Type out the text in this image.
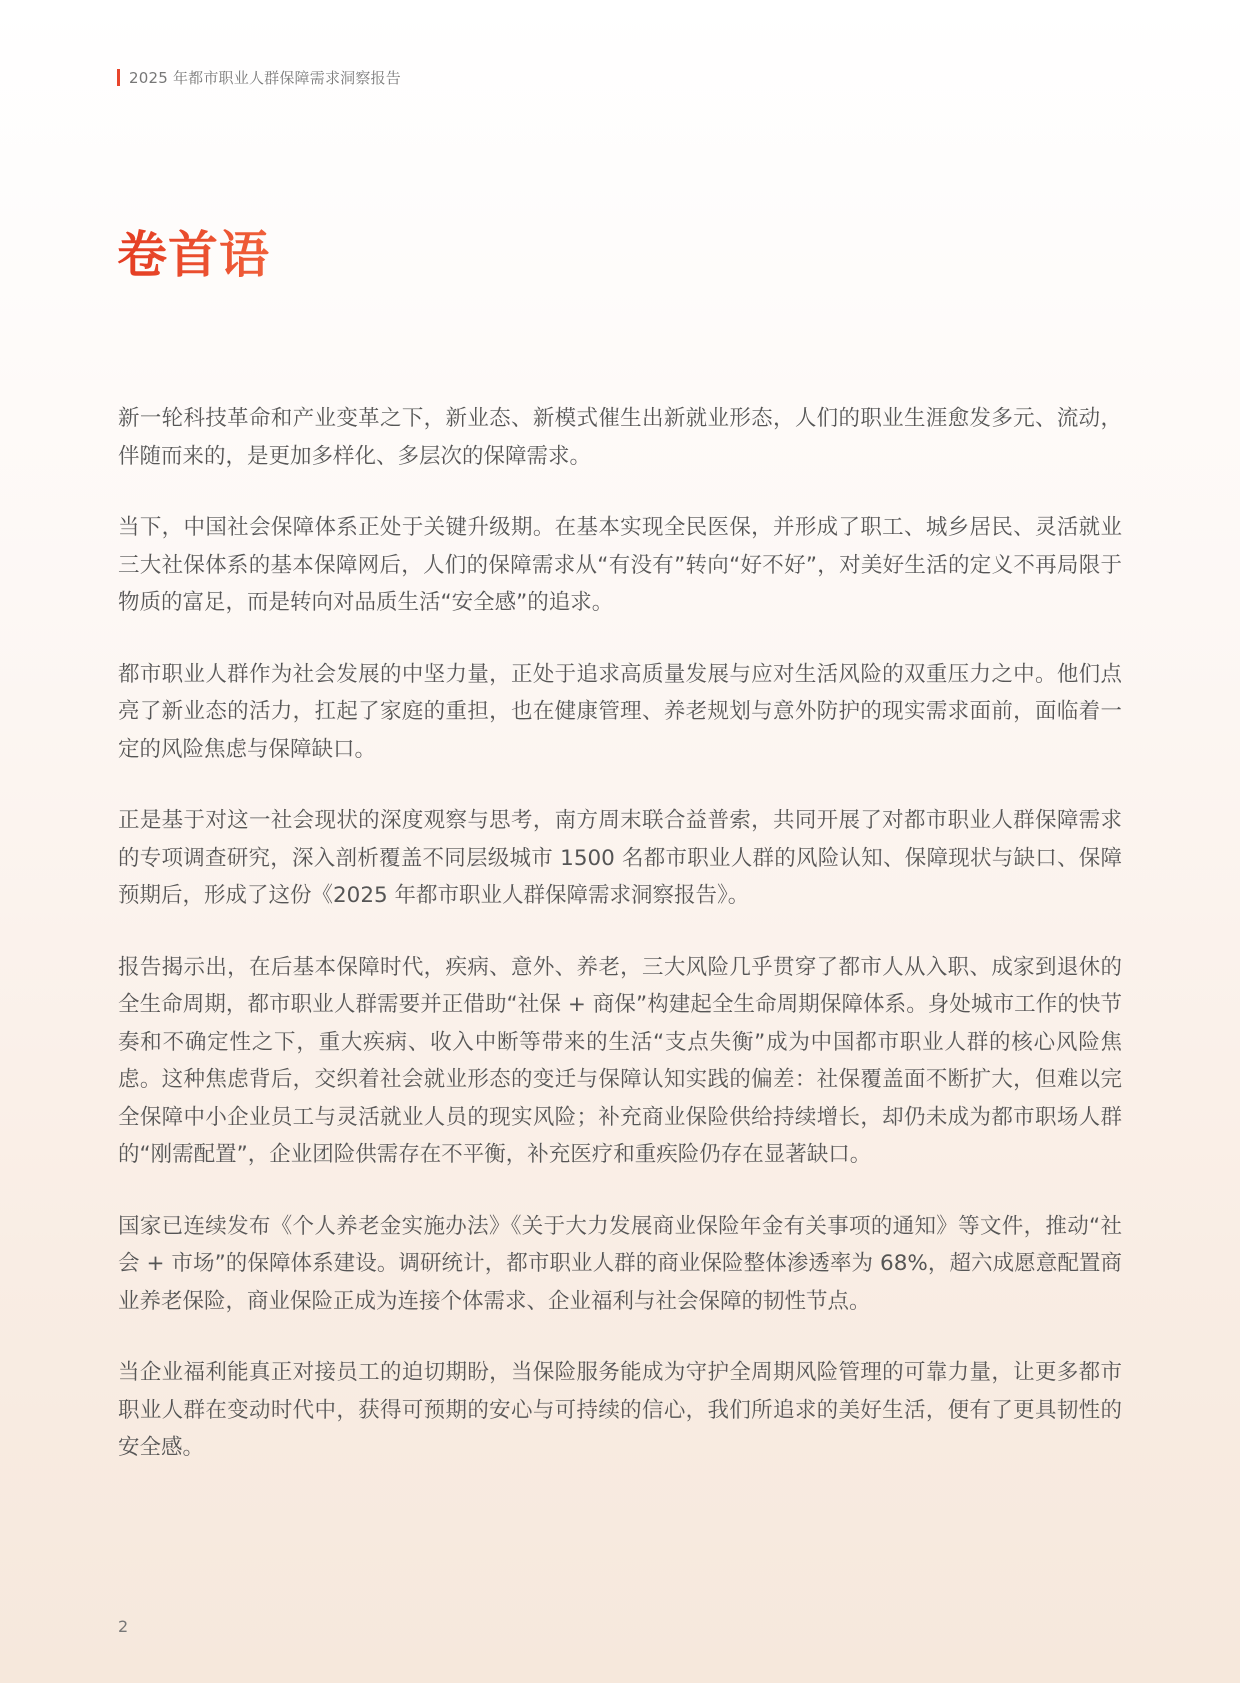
2025 年都市职业人群保障需求洞察报告
卷首语

新一轮科技革命和产业变革之下，新业态、新模式催生出新就业形态，人们的职业生涯愈发多元、流动，伴随而来的，是更加多样化、多层次的保障需求。

当下，中国社会保障体系正处于关键升级期。在基本实现全民医保，并形成了职工、城乡居民、灵活就业三大社保体系的基本保障网后，人们的保障需求从“有没有”转向“好不好”，对美好生活的定义不再局限于物质的富足，而是转向对品质生活“安全感”的追求。

都市职业人群作为社会发展的中坚力量，正处于追求高质量发展与应对生活风险的双重压力之中。他们点亮了新业态的活力，扛起了家庭的重担，也在健康管理、养老规划与意外防护的现实需求面前，面临着一定的风险焦虑与保障缺口。

正是基于对这一社会现状的深度观察与思考，南方周末联合益普索，共同开展了对都市职业人群保障需求的专项调查研究，深入剖析覆盖不同层级城市 1500 名都市职业人群的风险认知、保障现状与缺口、保障预期后，形成了这份《2025 年都市职业人群保障需求洞察报告》。

报告揭示出，在后基本保障时代，疾病、意外、养老，三大风险几乎贯穿了都市人从入职、成家到退休的全生命周期，都市职业人群需要并正借助“社保 + 商保”构建起全生命周期保障体系。身处城市工作的快节奏和不确定性之下，重大疾病、收入中断等带来的生活“支点失衡”成为中国都市职业人群的核心风险焦虑。这种焦虑背后，交织着社会就业形态的变迁与保障认知实践的偏差：社保覆盖面不断扩大，但难以完全保障中小企业员工与灵活就业人员的现实风险；补充商业保险供给持续增长，却仍未成为都市职场人群的“刚需配置”，企业团险供需存在不平衡，补充医疗和重疾险仍存在显著缺口。

国家已连续发布《个人养老金实施办法》《关于大力发展商业保险年金有关事项的通知》等文件，推动“社会 + 市场”的保障体系建设。调研统计，都市职业人群的商业保险整体渗透率为 68%，超六成愿意配置商业养老保险，商业保险正成为连接个体需求、企业福利与社会保障的韧性节点。

当企业福利能真正对接员工的迫切期盼，当保险服务能成为守护全周期风险管理的可靠力量，让更多都市职业人群在变动时代中，获得可预期的安心与可持续的信心，我们所追求的美好生活，便有了更具韧性的安全感。

2
